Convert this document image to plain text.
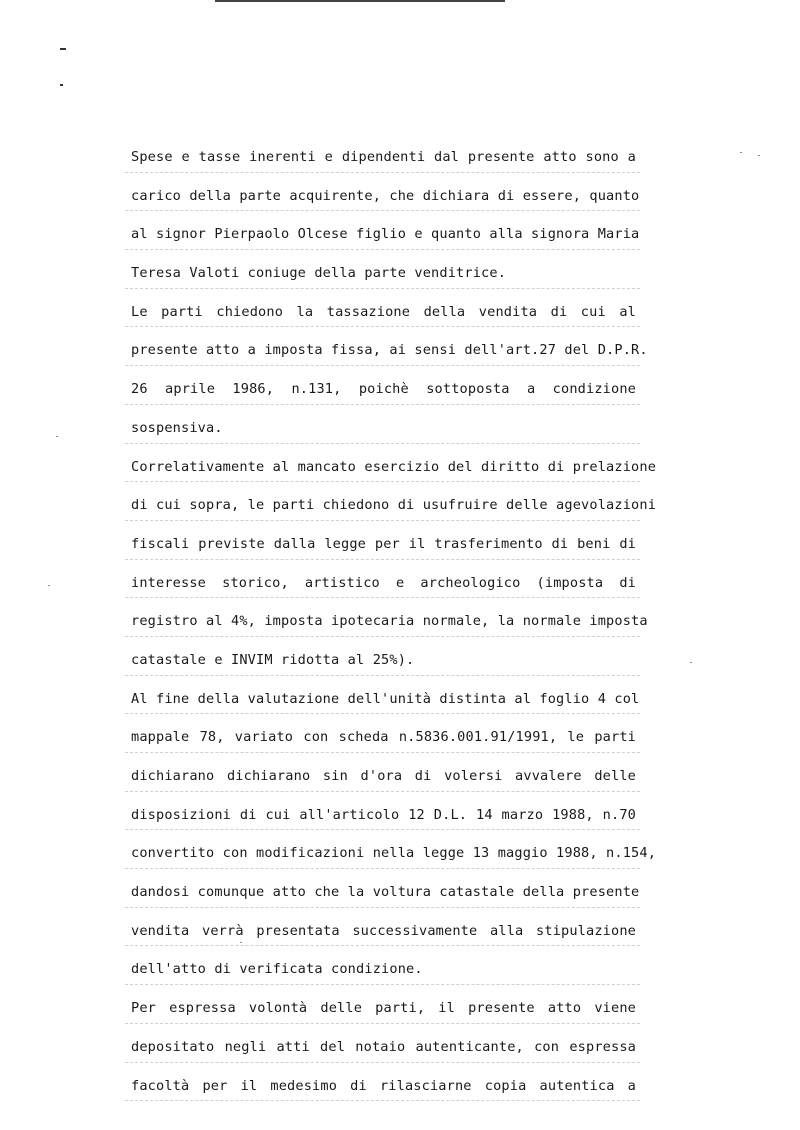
Spese e tasse inerenti e dipendenti dal presente atto sono a
carico della parte acquirente, che dichiara di essere, quanto
al signor Pierpaolo Olcese figlio e quanto alla signora Maria
Teresa Valoti coniuge della parte venditrice.
Le parti chiedono la tassazione della vendita di cui al
presente atto a imposta fissa, ai sensi dell'art.27 del D.P.R.
26 aprile 1986, n.131, poichè sottoposta a condizione
sospensiva.
Correlativamente al mancato esercizio del diritto di prelazione
di cui sopra, le parti chiedono di usufruire delle agevolazioni
fiscali previste dalla legge per il trasferimento di beni di
interesse storico, artistico e archeologico (imposta di
registro al 4%, imposta ipotecaria normale, la normale imposta
catastale e INVIM ridotta al 25%).
Al fine della valutazione dell'unità distinta al foglio 4 col
mappale 78, variato con scheda n.5836.001.91/1991, le parti
dichiarano dichiarano sin d'ora di volersi avvalere delle
disposizioni di cui all'articolo 12 D.L. 14 marzo 1988, n.70
convertito con modificazioni nella legge 13 maggio 1988, n.154,
dandosi comunque atto che la voltura catastale della presente
vendita verrà presentata successivamente alla stipulazione
dell'atto di verificata condizione.
Per espressa volontà delle parti, il presente atto viene
depositato negli atti del notaio autenticante, con espressa
facoltà per il medesimo di rilasciarne copia autentica a
